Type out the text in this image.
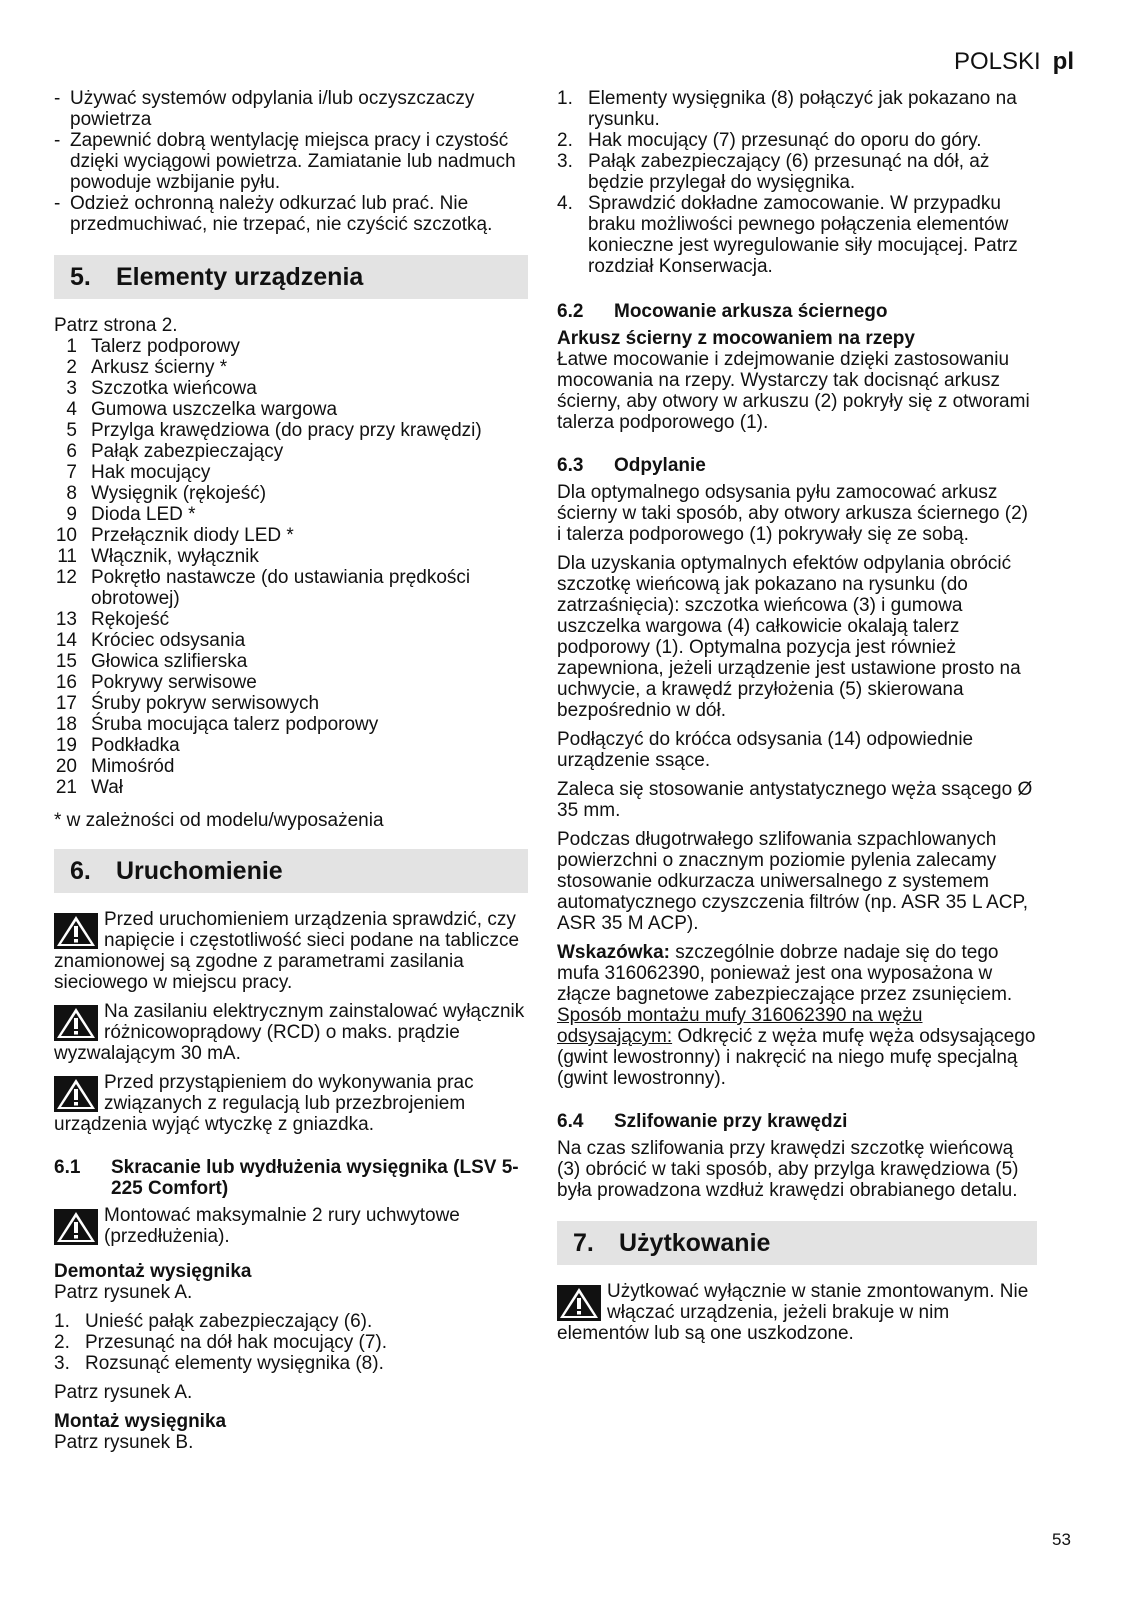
POLSKI pl
- Używać systemów odpylania i/lub oczyszczaczy powietrza
- Zapewnić dobrą wentylację miejsca pracy i czystość dzięki wyciągowi powietrza. Zamiatanie lub nadmuch powoduje wzbijanie pyłu.
- Odzież ochronną należy odkurzać lub prać. Nie przedmuchiwać, nie trzepać, nie czyścić szczotką.
5.	Elementy urządzenia
Patrz strona 2.
1 Talerz podporowy
2 Arkusz ścierny *
3 Szczotka wieńcowa
4 Gumowa uszczelka wargowa
5 Przylga krawędziowa (do pracy przy krawędzi)
6 Pałąk zabezpieczający
7 Hak mocujący
8 Wysięgnik (rękojeść)
9 Dioda LED *
10 Przełącznik diody LED *
11 Włącznik, wyłącznik
12 Pokrętło nastawcze (do ustawiania prędkości obrotowej)
13 Rękojeść
14 Króciec odsysania
15 Głowica szlifierska
16 Pokrywy serwisowe
17 Śruby pokryw serwisowych
18 Śruba mocująca talerz podporowy
19 Podkładka
20 Mimośród
21 Wał

* w zależności od modelu/wyposażenia

6.	Uruchomienie
Przed uruchomieniem urządzenia sprawdzić, czy napięcie i częstotliwość sieci podane na tabliczce znamionowej są zgodne z parametrami zasilania sieciowego w miejscu pracy.
Na zasilaniu elektrycznym zainstalować wyłącznik różnicowoprądowy (RCD) o maks. prądzie wyzwalającym 30 mA.
Przed przystąpieniem do wykonywania prac związanych z regulacją lub przezbrojeniem urządzenia wyjąć wtyczkę z gniazdka.
6.1	Skracanie lub wydłużenia wysięgnika (LSV 5-225 Comfort)
Montować maksymalnie 2 rury uchwytowe (przedłużenia).
Demontaż wysięgnika

Patrz rysunek A.

1. Unieść pałąk zabezpieczający (6).
2. Przesunąć na dół hak mocujący (7).
3. Rozsunąć elementy wysięgnika (8).

Patrz rysunek A.

Montaż wysięgnika
Patrz rysunek B.
1. Elementy wysięgnika (8) połączyć jak pokazano na rysunku.
2. Hak mocujący (7) przesunąć do oporu do góry.
3. Pałąk zabezpieczający (6) przesunąć na dół, aż będzie przylegał do wysięgnika.
4. Sprawdzić dokładne zamocowanie. W przypadku braku możliwości pewnego połączenia elementów konieczne jest wyregulowanie siły mocującej. Patrz rozdział Konserwacja.
6.2	Mocowanie arkusza ściernego
Arkusz ścierny z mocowaniem na rzepy

Łatwe mocowanie i zdejmowanie dzięki zastosowaniu mocowania na rzepy. Wystarczy tak docisnąć arkusz ścierny, aby otwory w arkuszu (2) pokryły się z otworami talerza podporowego (1).

6.3	Odpylanie

Dla optymalnego odsysania pyłu zamocować arkusz ścierny w taki sposób, aby otwory arkusza ściernego (2) i talerza podporowego (1) pokrywały się ze sobą.

Dla uzyskania optymalnych efektów odpylania obrócić szczotkę wieńcową jak pokazano na rysunku (do zatrzaśnięcia): szczotka wieńcowa (3) i gumowa uszczelka wargowa (4) całkowicie okalają talerz podporowy (1). Optymalna pozycja jest również zapewniona, jeżeli urządzenie jest ustawione prosto na uchwycie, a krawędź przyłożenia (5) skierowana bezpośrednio w dół.

Podłączyć do króćca odsysania (14) odpowiednie urządzenie ssące.

Zaleca się stosowanie antystatycznego węża ssącego Ø 35 mm.

Podczas długotrwałego szlifowania szpachlowanych powierzchni o znacznym poziomie pylenia zalecamy stosowanie odkurzacza uniwersalnego z systemem automatycznego czyszczenia filtrów (np. ASR 35 L ACP, ASR 35 M ACP).

Wskazówka: szczególnie dobrze nadaje się do tego mufa 316062390, ponieważ jest ona wyposażona w złącze bagnetowe zabezpieczające przez zsunięciem. Sposób montażu mufy 316062390 na wężu odsysającym: Odkręcić z węża mufę węża odsysającego (gwint lewostronny) i nakręcić na niego mufę specjalną (gwint lewostronny).

6.4	Szlifowanie przy krawędzi

Na czas szlifowania przy krawędzi szczotkę wieńcową (3) obrócić w taki sposób, aby przylga krawędziowa (5) była prowadzona wzdłuż krawędzi obrabianego detalu.

7.	Użytkowanie
Użytkować wyłącznie w stanie zmontowanym. Nie włączać urządzenia, jeżeli brakuje w nim elementów lub są one uszkodzone.
53
